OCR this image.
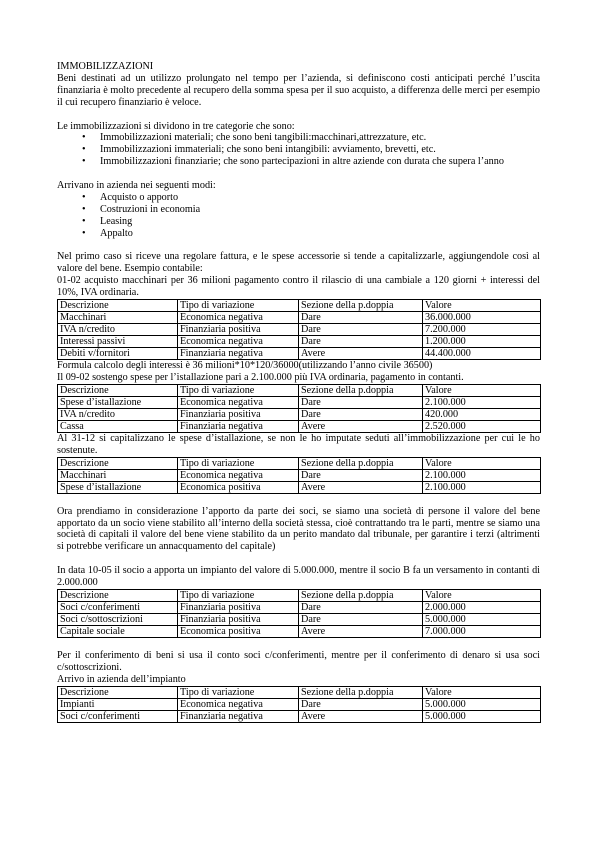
IMMOBILIZZAZIONI

Beni destinati ad un utilizzo prolungato nel tempo per l’azienda, si definiscono costi anticipati perché l’uscita finanziaria è molto precedente al recupero della somma spesa per il suo acquisto, a differenza delle merci per esempio il cui recupero finanziario è veloce.

Le immobilizzazioni si dividono in tre categorie che sono:

• Immobilizzazioni materiali; che sono beni tangibili:macchinari,attrezzature, etc.
• Immobilizzazioni immateriali; che sono beni intangibili: avviamento, brevetti, etc.
• Immobilizzazioni finanziarie; che sono partecipazioni in altre aziende con durata che supera l’anno

Arrivano in azienda nei seguenti modi:

• Acquisto o apporto
• Costruzioni in economia
• Leasing
• Appalto

Nel primo caso si riceve una regolare fattura, e le spese accessorie si tende a capitalizzarle, aggiungendole così al valore del bene. Esempio contabile:

01-02 acquisto macchinari per 36 milioni pagamento contro il rilascio di una cambiale a 120 giorni + interessi del 10%, IVA ordinaria.

Descrizione	Tipo di variazione	Sezione della p.doppia	Valore
Macchinari	Economica negativa	Dare	36.000.000
IVA n/credito	Finanziaria positiva	Dare	7.200.000
Interessi passivi	Economica negativa	Dare	1.200.000
Debiti v/fornitori	Finanziaria negativa	Avere	44.400.000

Formula calcolo degli interessi è 36 milioni*10*120/36000(utilizzando l’anno civile 36500)

Il 09-02 sostengo spese per l’istallazione pari a 2.100.000 più IVA ordinaria, pagamento in contanti.

Descrizione	Tipo di variazione	Sezione della p.doppia	Valore
Spese d’istallazione	Economica negativa	Dare	2.100.000
IVA n/credito	Finanziaria positiva	Dare	420.000
Cassa	Finanziaria negativa	Avere	2.520.000

Al 31-12 si capitalizzano le spese d’istallazione, se non le ho imputate seduti all’immobilizzazione per cui le ho sostenute.

Descrizione	Tipo di variazione	Sezione della p.doppia	Valore
Macchinari	Economica negativa	Dare	2.100.000
Spese d’istallazione	Economica positiva	Avere	2.100.000

Ora prendiamo in considerazione l’apporto da parte dei soci, se siamo una società di persone il valore del bene apportato da un socio viene stabilito all’interno della società stessa, cioè contrattando tra le parti, mentre se siamo una società di capitali il valore del bene viene stabilito da un perito mandato dal tribunale, per garantire i terzi (altrimenti si potrebbe verificare un annacquamento del capitale)

In data 10-05 il socio a apporta un impianto del valore di 5.000.000, mentre il socio B fa un versamento in contanti di 2.000.000

Descrizione	Tipo di variazione	Sezione della p.doppia	Valore
Soci c/conferimenti	Finanziaria positiva	Dare	2.000.000
Soci c/sottoscrizioni	Finanziaria positiva	Dare	5.000.000
Capitale sociale	Economica positiva	Avere	7.000.000

Per il conferimento di beni si usa il conto soci c/conferimenti, mentre per il conferimento di denaro si usa soci c/sottoscrizioni.

Arrivo in azienda dell’impianto

Descrizione	Tipo di variazione	Sezione della p.doppia	Valore
Impianti	Economica negativa	Dare	5.000.000
Soci c/conferimenti	Finanziaria negativa	Avere	5.000.000
